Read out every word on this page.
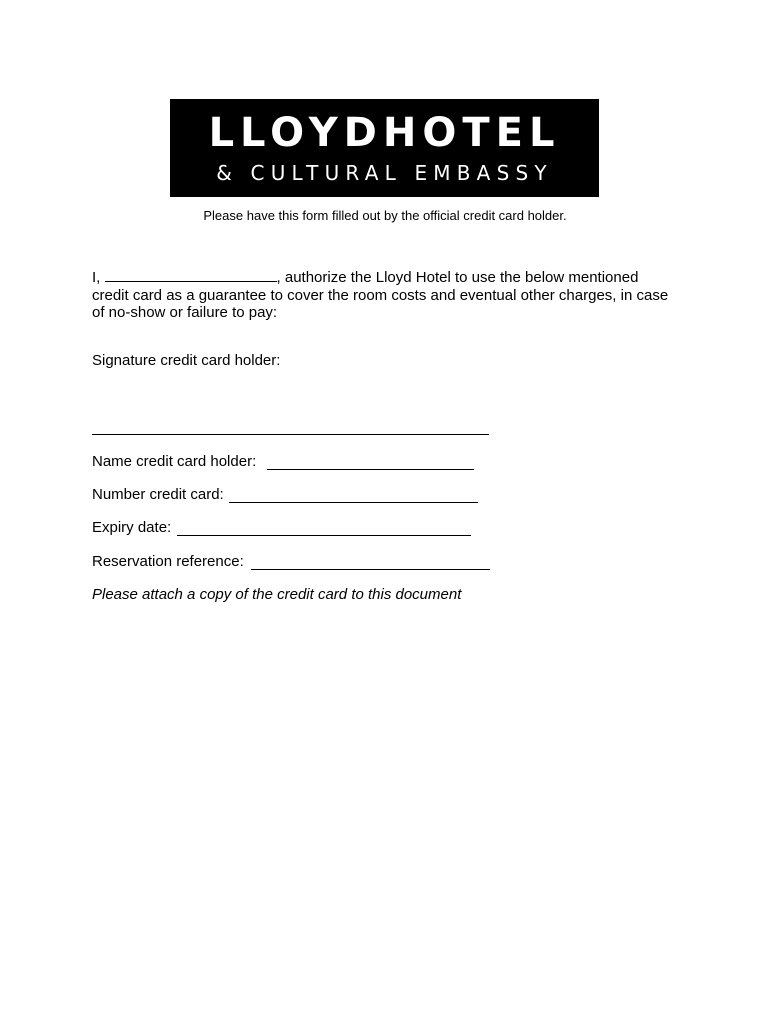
LLOYDHOTEL
& CULTURAL EMBASSY
Please have this form filled out by the official credit card holder.
I,	, authorize the Lloyd Hotel to use the below mentioned credit card as a guarantee to cover the room costs and eventual other charges, in case of no-show or failure to pay:
Signature credit card holder:
Name credit card holder:
Number credit card:
Expiry date:
Reservation reference:
Please attach a copy of the credit card to this document
